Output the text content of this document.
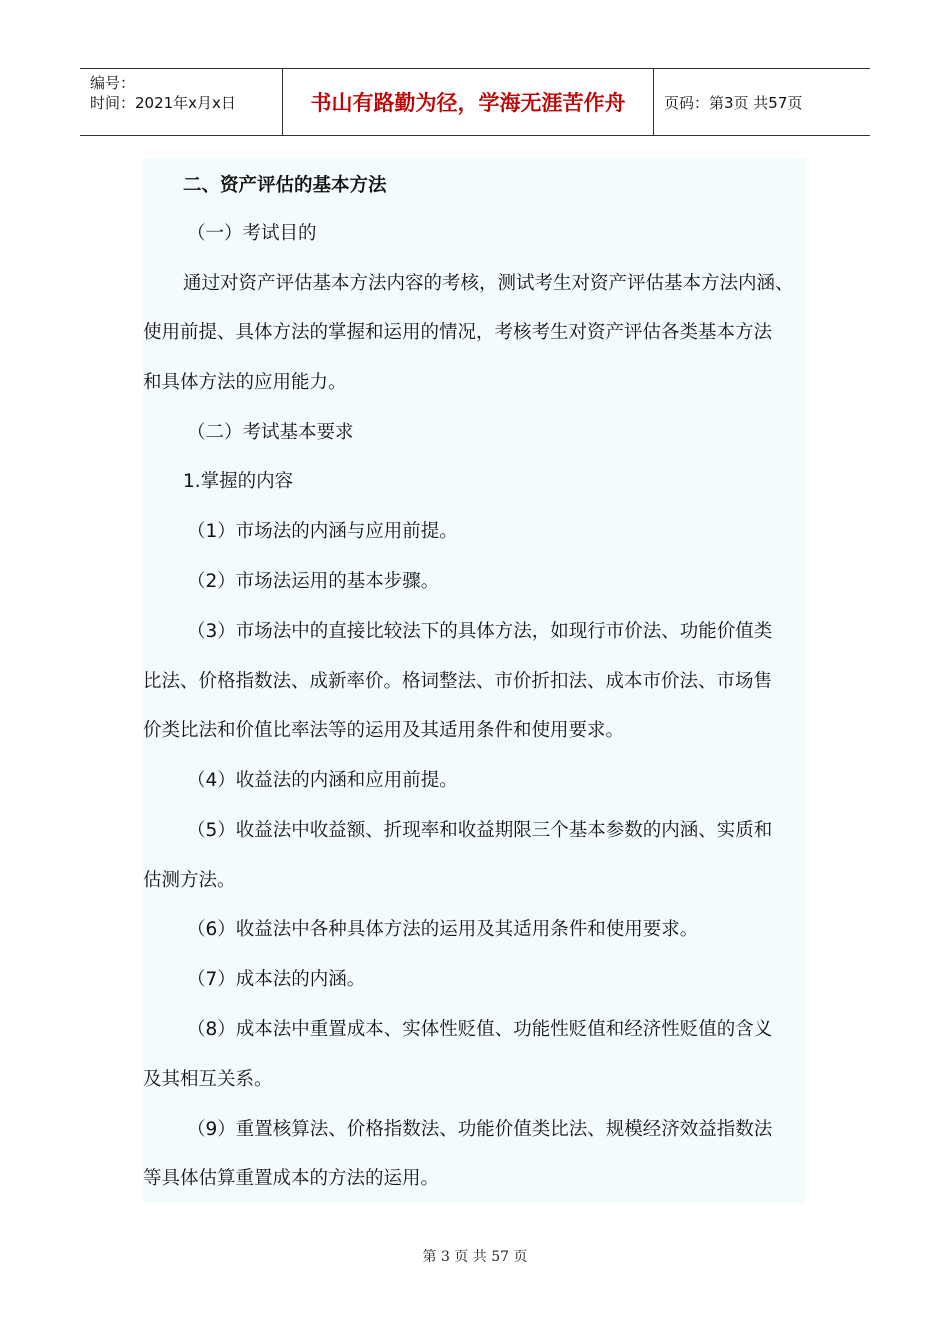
编号：
时间：2021年x月x日	书山有路勤为径，学海无涯苦作舟	页码：第3页 共57页
二、资产评估的基本方法
（一）考试目的
通过对资产评估基本方法内容的考核，测试考生对资产评估基本方法内涵、
使用前提、具体方法的掌握和运用的情况，考核考生对资产评估各类基本方法
和具体方法的应用能力。
（二）考试基本要求
1.掌握的内容
（1）市场法的内涵与应用前提。
（2）市场法运用的基本步骤。
（3）市场法中的直接比较法下的具体方法，如现行市价法、功能价值类
比法、价格指数法、成新率价。格词整法、市价折扣法、成本市价法、市场售
价类比法和价值比率法等的运用及其适用条件和使用要求。
（4）收益法的内涵和应用前提。
（5）收益法中收益额、折现率和收益期限三个基本参数的内涵、实质和
估测方法。
（6）收益法中各种具体方法的运用及其适用条件和使用要求。
（7）成本法的内涵。
（8）成本法中重置成本、实体性贬值、功能性贬值和经济性贬值的含义
及其相互关系。
（9）重置核算法、价格指数法、功能价值类比法、规模经济效益指数法
等具体估算重置成本的方法的运用。
第 3 页 共 57 页
